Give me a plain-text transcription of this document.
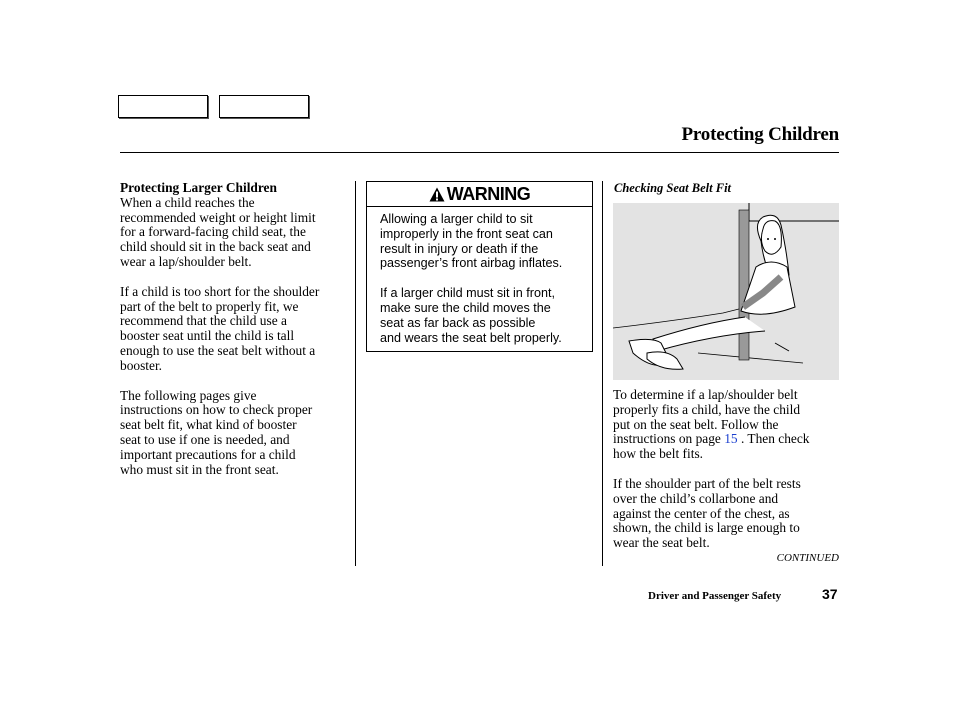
Protecting Children

Protecting Larger Children

When a child reaches the
recommended weight or height limit
for a forward-facing child seat, the
child should sit in the back seat and
wear a lap/shoulder belt.

If a child is too short for the shoulder
part of the belt to properly fit, we
recommend that the child use a
booster seat until the child is tall
enough to use the seat belt without a
booster.

The following pages give
instructions on how to check proper
seat belt fit, what kind of booster
seat to use if one is needed, and
important precautions for a child
who must sit in the front seat.

WARNING

Allowing a larger child to sit
improperly in the front seat can
result in injury or death if the
passenger’s front airbag inflates.

If a larger child must sit in front,
make sure the child moves the
seat as far back as possible
and wears the seat belt properly.

Checking Seat Belt Fit

To determine if a lap/shoulder belt
properly fits a child, have the child
put on the seat belt. Follow the
instructions on page 15 . Then check
how the belt fits.

If the shoulder part of the belt rests
over the child’s collarbone and
against the center of the chest, as
shown, the child is large enough to
wear the seat belt.

CONTINUED
Driver and Passenger Safety	37
